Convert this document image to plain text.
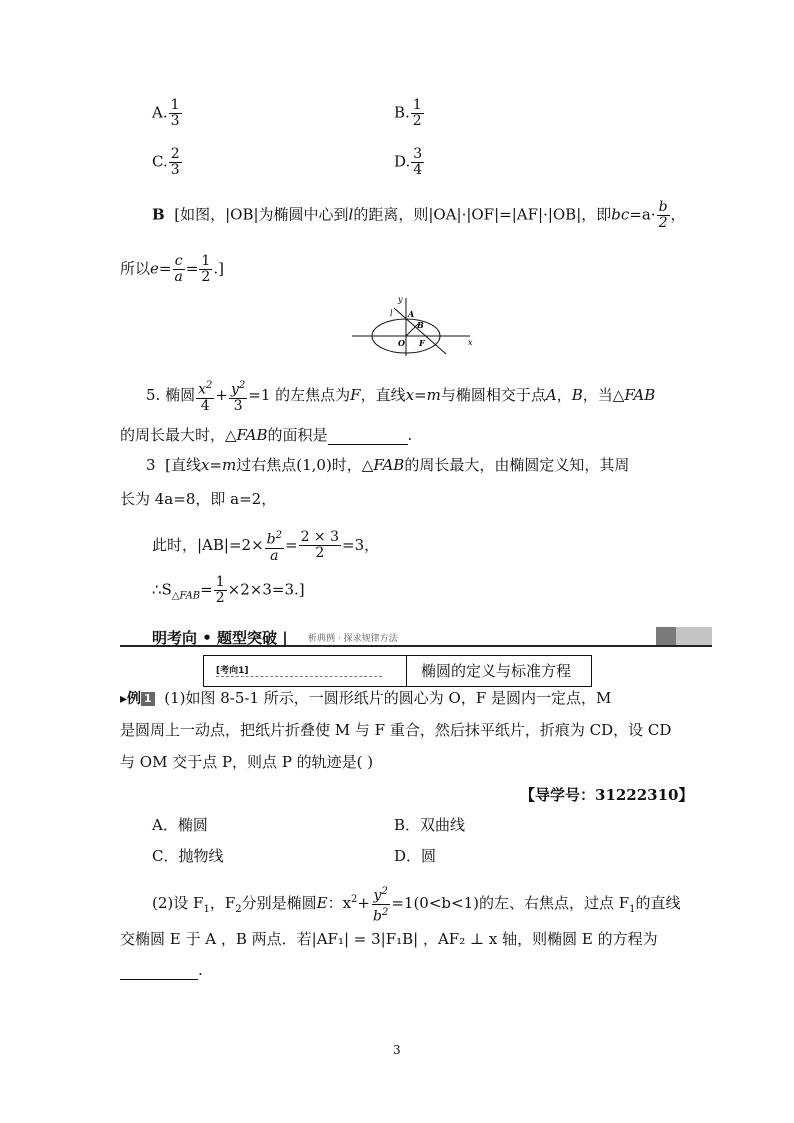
A. $\frac{1}{3}$	B. $\frac{1}{2}$
C. $\frac{2}{3}$	D. $\frac{3}{4}$
B [如图，|OB|为椭圆中心到l的距离，则|OA|·|OF|=|AF|·|OB|，即$bc=a\cdot \frac{b}{2}$ ，
所以$e= \frac{c}{a} = \frac{1}{2}$ .]
y
l A
B
O F	x
5. 椭圆 $\frac{x^2}{4} + \frac{y^2}{3} =1$ 的左焦点为F，直线x=m与椭圆相交于点A，B，当△FAB
的周长最大时，△FAB的面积是	.
3 [直线x=m过右焦点(1,0)时，△FAB的周长最大，由椭圆定义知，其周
长为 4a=8，即 a=2，
此时，$|AB|=2\times \frac{b^2}{a} = \frac{2 \times 3}{2} =3$，
$\therefore S_{\triangle FAB}= \frac{1}{2} \times 2\times 3=3$.]
明考向 • 题型突破 | 析典例 · 探求规律方法
[考向1]	椭圆的定义与标准方程
▸例 1 (1)如图 8-5-1 所示，一圆形纸片的圆心为 O，F 是圆内一定点，M
是圆周上一动点，把纸片折叠使 M 与 F 重合，然后抹平纸片，折痕为 CD，设 CD
与 OM 交于点 P，则点 P 的轨迹是( )
【导学号：31222310】
A．椭圆	B．双曲线
C．抛物线	D．圆
(2)设 $F_1$，$F_2$分别是椭圆E：$x^2+ \frac{y^2}{b^2} =1(0<b<1)$的左、右焦点，过点 $F_1$的直线
交椭圆 E 于 A ，B 两点．若|AF₁| = 3|F₁B| ，AF₂ ⊥ x 轴，则椭圆 E 的方程为
.
3
